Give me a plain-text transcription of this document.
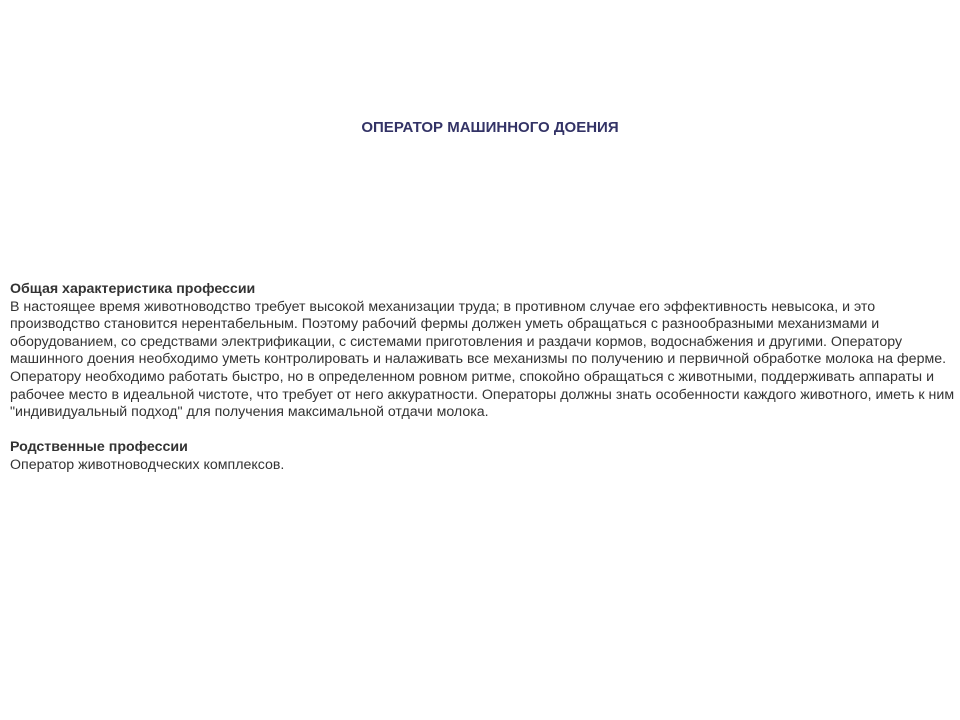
ОПЕРАТОР МАШИННОГО ДОЕНИЯ

Общая характеристика профессии

В настоящее время животноводство требует высокой механизации труда; в противном случае его эффективность невысока, и это производство становится нерентабельным. Поэтому рабочий фермы должен уметь обращаться с разнообразными механизмами и оборудованием, со средствами электрификации, с системами приготовления и раздачи кормов, водоснабжения и другими. Оператору машинного доения необходимо уметь контролировать и налаживать все механизмы по получению и первичной обработке молока на ферме.

Оператору необходимо работать быстро, но в определенном ровном ритме, спокойно обращаться с животными, поддерживать аппараты и рабочее место в идеальной чистоте, что требует от него аккуратности. Операторы должны знать особенности каждого животного, иметь к ним "индивидуальный подход" для получения максимальной отдачи молока.

Родственные профессии

Оператор животноводческих комплексов.
